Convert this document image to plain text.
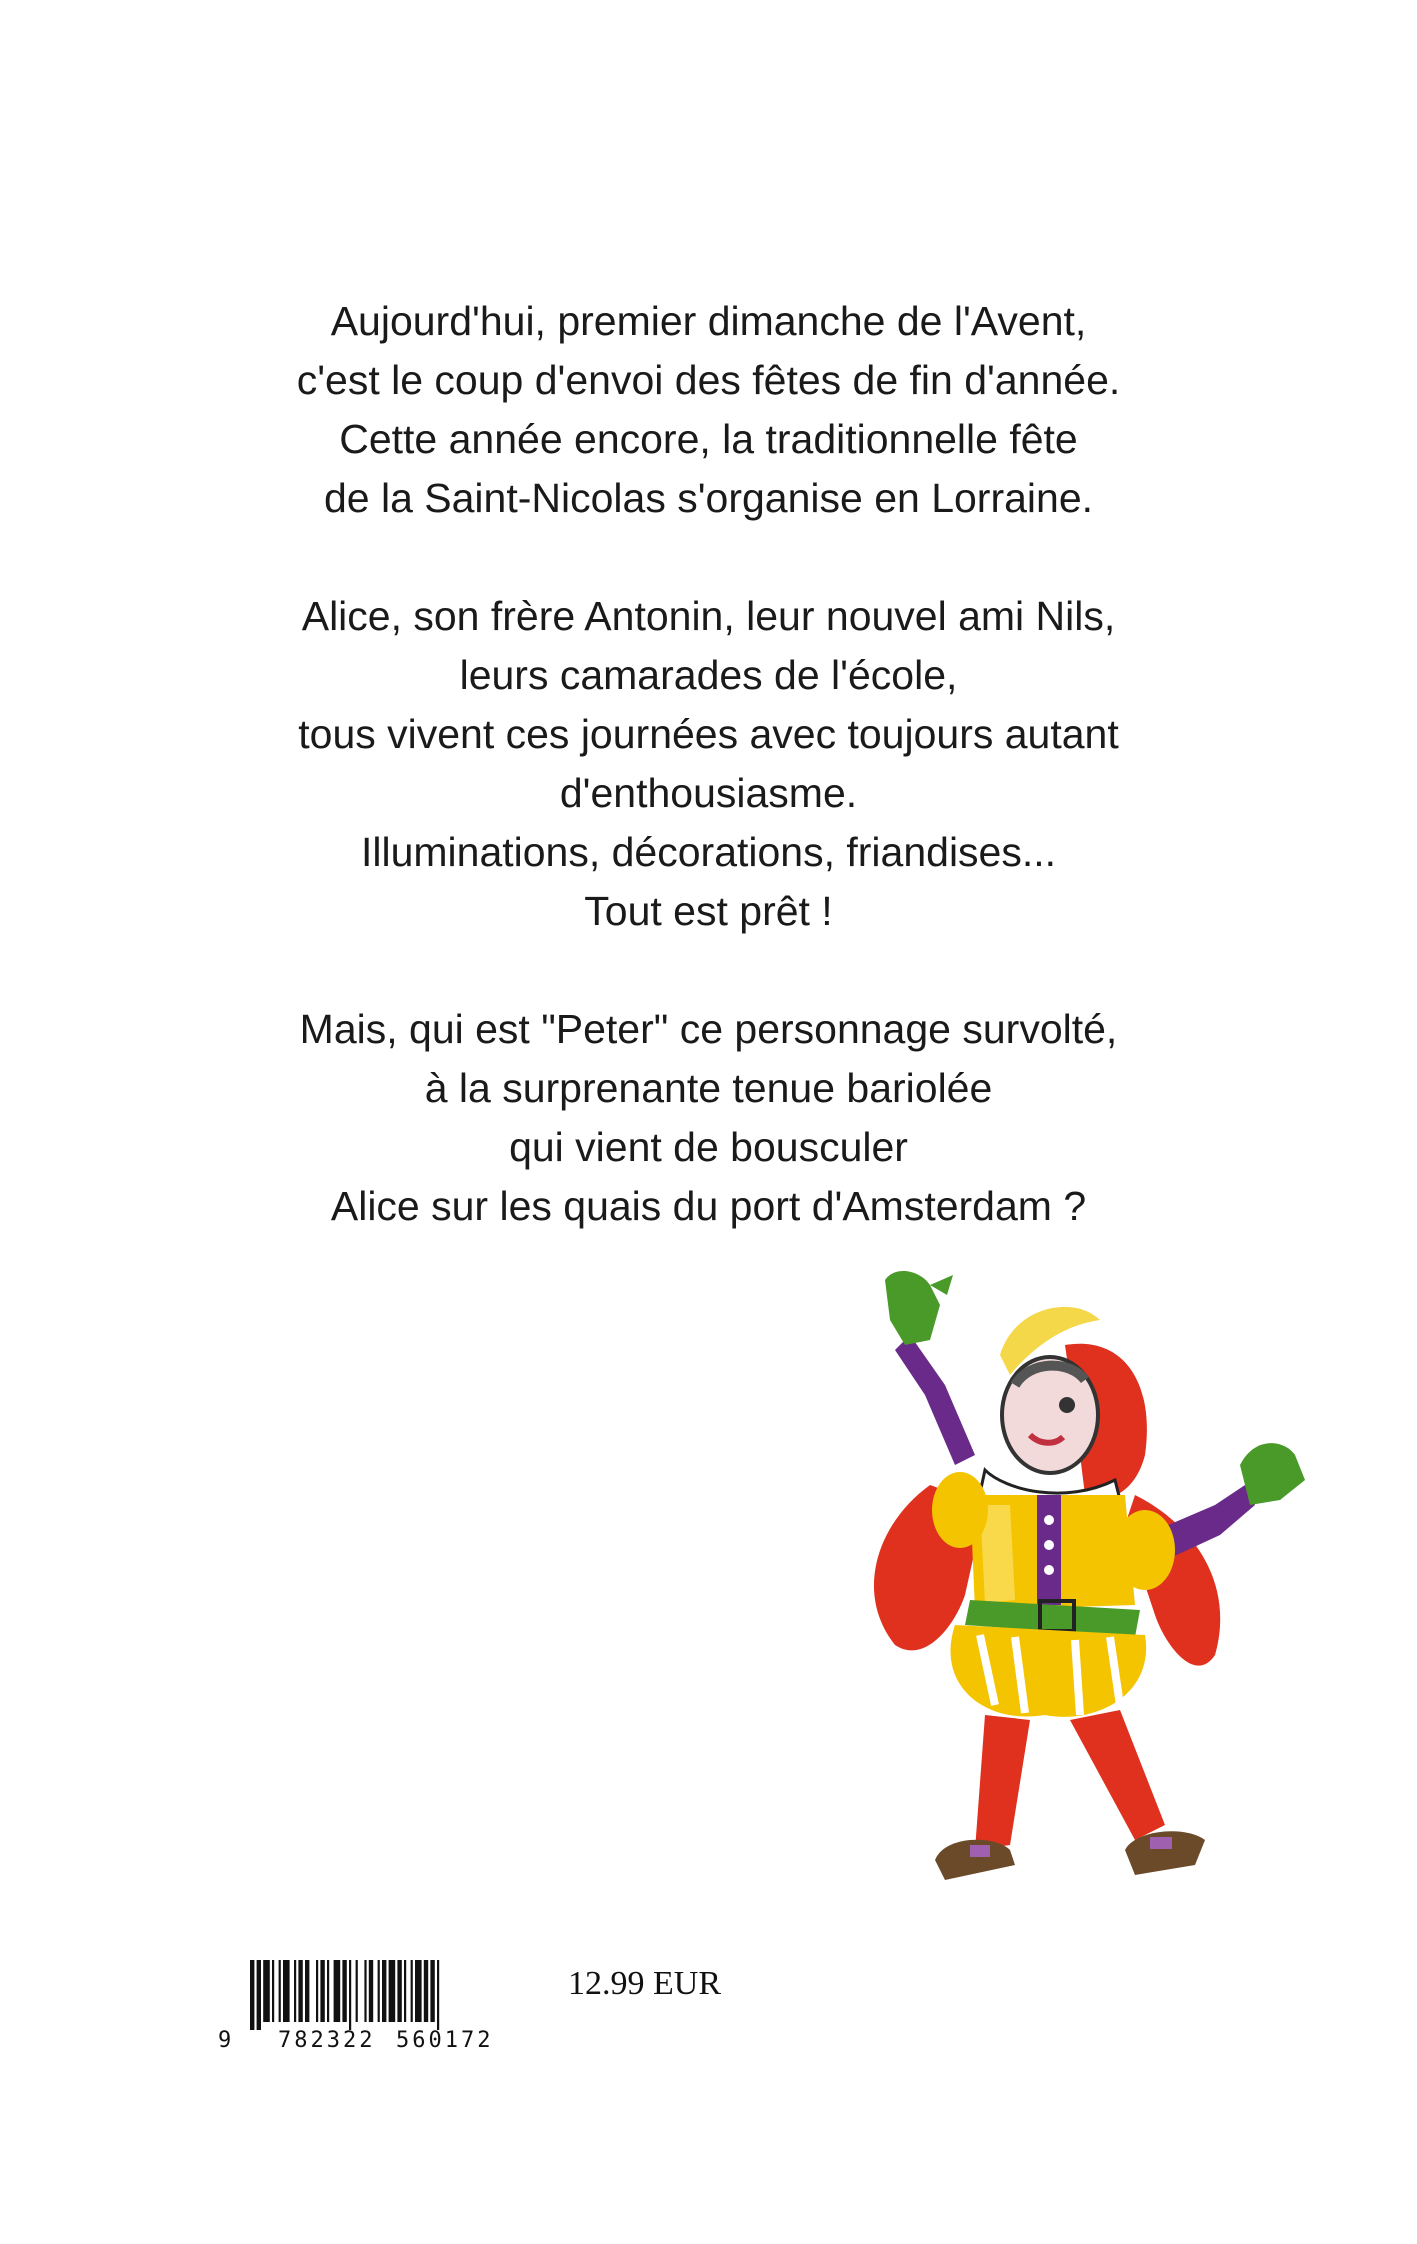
Aujourd'hui, premier dimanche de l'Avent,
c'est le coup d'envoi des fêtes de fin d'année.
Cette année encore, la traditionnelle fête
de la Saint-Nicolas s'organise en Lorraine.

Alice, son frère Antonin, leur nouvel ami Nils,
leurs camarades de l'école,
tous vivent ces journées avec toujours autant
d'enthousiasme.
Illuminations, décorations, friandises...
Tout est prêt !

Mais, qui est "Peter" ce personnage survolté,
à la surprenante tenue bariolée
qui vient de bousculer
Alice sur les quais du port d'Amsterdam ?

9 782322 560172
12.99 EUR
